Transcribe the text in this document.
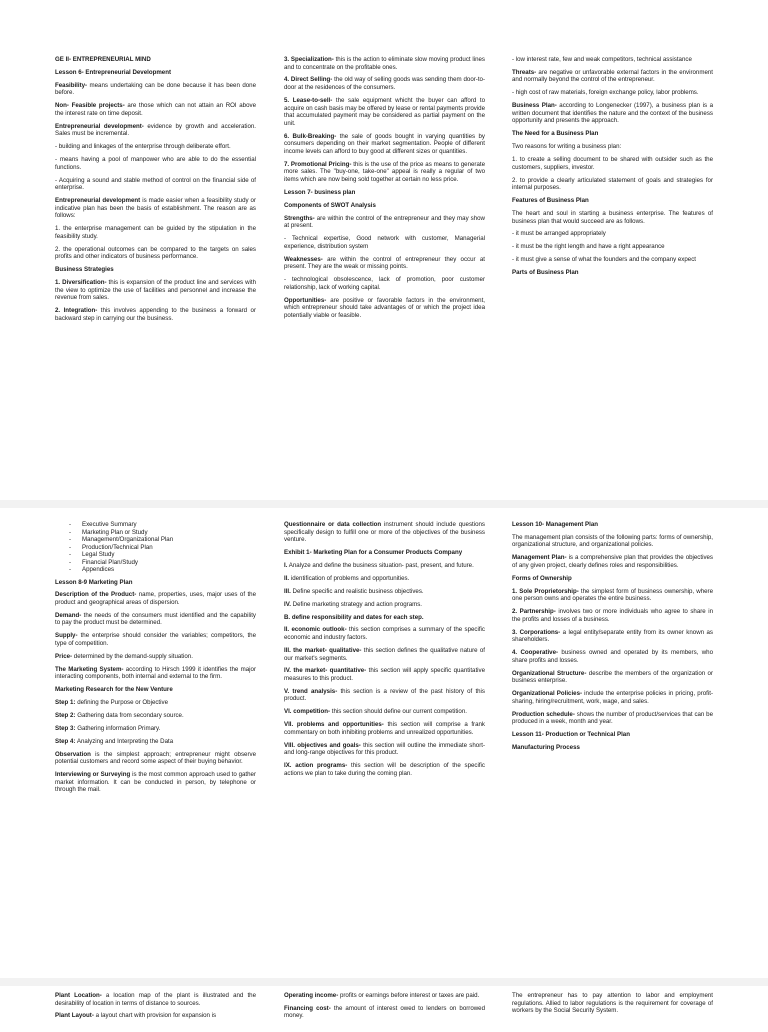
GE II- ENTREPRENEURIAL MIND

Lesson 6- Entrepreneurial Development

Feasibility- means undertaking can be done because it has been done before.

Non- Feasible projects- are those which can not attain an ROI above the interest rate on time deposit.

Entrepreneurial development- evidence by growth and acceleration. Sales must be incremental.

- building and linkages of the enterprise through deliberate effort.

- means having a pool of manpower who are able to do the essential functions.

- Acquiring a sound and stable method of control on the financial side of enterprise.

Entrepreneurial development is made easier when a feasibility study or indicative plan has been the basis of establishment. The reason are as follows:

1. the enterprise management can be guided by the stipulation in the feasibility study.

2. the operational outcomes can be compared to the targets on sales profits and other indicators of business performance.

Business Strategies

1. Diversification- this is expansion of the product line and services with the view to optimize the use of facilities and personnel and increase the revenue from sales.

2. Integration- this involves appending to the business a forward or backward step in carrying our the business.

3. Specialization- this is the action to eliminate slow moving product lines and to concentrate on the profitable ones.

4. Direct Selling- the old way of selling goods was sending them door-to-door at the residences of the consumers.

5. Lease-to-sell- the sale equipment whicht the buyer can afford to acquire on cash basis may be offered by lease or rental payments provide that accumulated payment may be considered as partial payment on the unit.

6. Bulk-Breaking- the sale of goods bought in varying quantities by consumers depending on their market segmentation. People of different income levels can afford to buy good at different sizes or quantities.

7. Promotional Pricing- this is the use of the price as means to generate more sales. The "buy-one, take-one" appeal is really a regular of two items which are now being sold together at certain no less price.

Lesson 7- business plan

Components of SWOT Analysis

Strengths- are within the control of the entrepreneur and they may show at present.

- Technical expertise, Good network with customer, Managerial experience, distribution system

Weaknesses- are within the control of entrepreneur they occur at present. They are the weak or missing points.

- technological obsolescence, lack of promotion, poor customer relationship, lack of working capital.

Opportunities- are positive or favorable factors in the environment, which entrepreneur should take advantages of or which the project idea potentially viable or feasible.

- low interest rate, few and weak competitors, technical assistance

Threats- are negative or unfavorable external factors in the environment and normally beyond the control of the entrepreneur.

- high cost of raw materials, foreign exchange policy, labor problems.

Business Plan- according to Longenecker (1997), a business plan is a written document that identifies the nature and the context of the business opportunity and presents the approach.

The Need for a Business Plan

Two reasons for writing a business plan:

1. to create a selling document to be shared with outsider such as the customers, suppliers, investor.

2. to provide a clearly articulated statement of goals and strategies for internal purposes.

Features of Business Plan

The heart and soul in starting a business enterprise. The features of business plan that would succeed are as follows.

- it must be arranged appropriately

- it must be the right length and have a right appearance

- it must give a sense of what the founders and the company expect

Parts of Business Plan

- Executive Summary
- Marketing Plan or Study
- Management/Organizational Plan
- Production/Technical Plan
- Legal Study
- Financial Plan/Study
- Appendices

Lesson 8-9 Marketing Plan

Description of the Product- name, properties, uses, major uses of the product and geographical areas of dispersion.

Demand- the needs of the consumers must identified and the capability to pay the product must be determined.

Supply- the enterprise should consider the variables; competitors, the type of competition.

Price- determined by the demand-supply situation.

The Marketing System- according to Hirsch 1999 it identifies the major interacting components, both internal and external to the firm.

Marketing Research for the New Venture

Step 1: defining the Purpose or Objective

Step 2: Gathering data from secondary source.

Step 3: Gathering information Primary.

Step 4: Analyzing and Interpreting the Data

Observation is the simplest approach; entrepreneur might observe potential customers and record some aspect of their buying behavior.

Interviewing or Surveying is the most common approach used to gather market information. It can be conducted in person, by telephone or through the mail.

Questionnaire or data collection instrument should include questions specifically design to fulfill one or more of the objectives of the business venture.

Exhibit 1- Marketing Plan for a Consumer Products Company

I. Analyze and define the business situation- past, present, and future.

II. identification of problems and opportunities.

III. Define specific and realistic business objectives.

IV. Define marketing strategy and action programs.

B. define responsibility and dates for each step.

II. economic outlook- this section comprises a summary of the specific economic and industry factors.

III. the market- qualitative- this section defines the qualitative nature of our market's segments.

IV. the market- quantitative- this section will apply specific quantitative measures to this product.

V. trend analysis- this section is a review of the past history of this product.

VI. competition- this section should define our current competition.

VII. problems and opportunities- this section will comprise a frank commentary on both inhibiting problems and unrealized opportunities.

VIII. objectives and goals- this section will outline the immediate short- and long-range objectives for this product.

IX. action programs- this section will be description of the specific actions we plan to take during the coming plan.

Lesson 10- Management Plan

The management plan consists of the following parts: forms of ownership, organizational structure, and organizational policies.

Management Plan- is a comprehensive plan that provides the objectives of any given project, clearly defines roles and responsibilities.

Forms of Ownership

1. Sole Proprietorship- the simplest form of business ownership, where one person owns and operates the entire business.

2. Partnership- involves two or more individuals who agree to share in the profits and losses of a business.

3. Corporations- a legal entity/separate entity from its owner known as shareholders.

4. Cooperative- business owned and operated by its members, who share profits and losses.

Organizational Structure- describe the members of the organization or business enterprise.

Organizational Policies- include the enterprise policies in pricing, profit-sharing, hiring/recruitment, work, wage, and sales.

Production schedule- shows the number of product/services that can be produced in a week, month and year.

Lesson 11- Production or Technical Plan

Manufacturing Process

Plant Location- a location map of the plant is illustrated and the desirability of location in terms of distance to sources.

Plant Layout- a layout chart with provision for expansion is

Operating income- profits or earnings before interest or taxes are paid.

Financing cost- the amount of interest owed to lenders on borrowed money.

The entrepreneur has to pay attention to labor and employment regulations. Allied to labor regulations is the requirement for coverage of workers by the Social Security System.
